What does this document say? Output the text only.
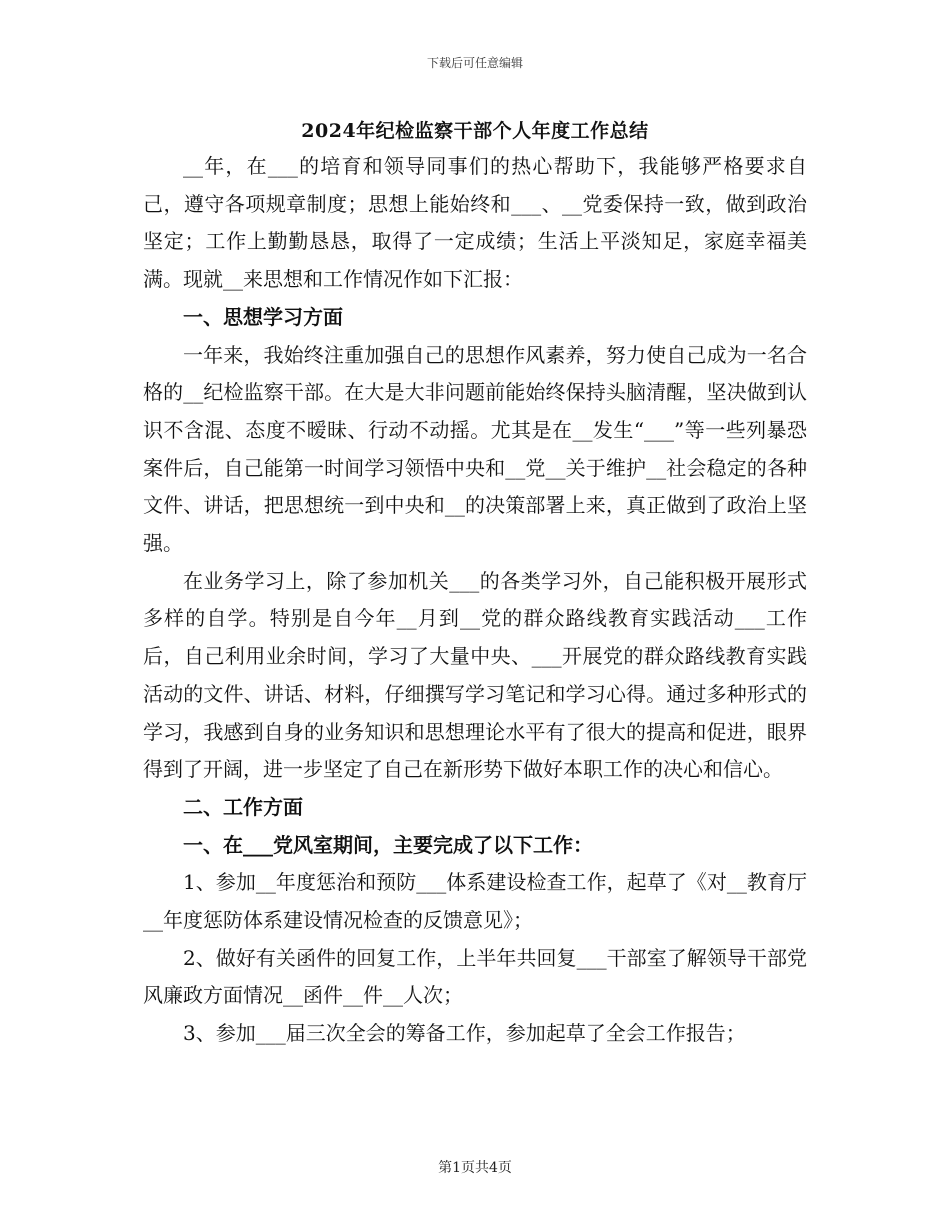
下载后可任意编辑
2024年纪检监察干部个人年度工作总结

__年，在___的培育和领导同事们的热心帮助下，我能够严格要求自己，遵守各项规章制度；思想上能始终和___、__党委保持一致，做到政治坚定；工作上勤勤恳恳，取得了一定成绩；生活上平淡知足，家庭幸福美满。现就__来思想和工作情况作如下汇报：

一、思想学习方面

一年来，我始终注重加强自己的思想作风素养，努力使自己成为一名合格的__纪检监察干部。在大是大非问题前能始终保持头脑清醒，坚决做到认识不含混、态度不暧昧、行动不动摇。尤其是在__发生“___”等一些列暴恐案件后，自己能第一时间学习领悟中央和__党__关于维护__社会稳定的各种文件、讲话，把思想统一到中央和__的决策部署上来，真正做到了政治上坚强。

在业务学习上，除了参加机关___的各类学习外，自己能积极开展形式多样的自学。特别是自今年__月到__党的群众路线教育实践活动___工作后，自己利用业余时间，学习了大量中央、___开展党的群众路线教育实践活动的文件、讲话、材料，仔细撰写学习笔记和学习心得。通过多种形式的学习，我感到自身的业务知识和思想理论水平有了很大的提高和促进，眼界得到了开阔，进一步坚定了自己在新形势下做好本职工作的决心和信心。

二、工作方面

一、在___党风室期间，主要完成了以下工作：

1、参加__年度惩治和预防___体系建设检查工作，起草了《对__教育厅__年度惩防体系建设情况检查的反馈意见》；

2、做好有关函件的回复工作，上半年共回复___干部室了解领导干部党风廉政方面情况__函件__件__人次；

3、参加___届三次全会的筹备工作，参加起草了全会工作报告；

第1页共4页
